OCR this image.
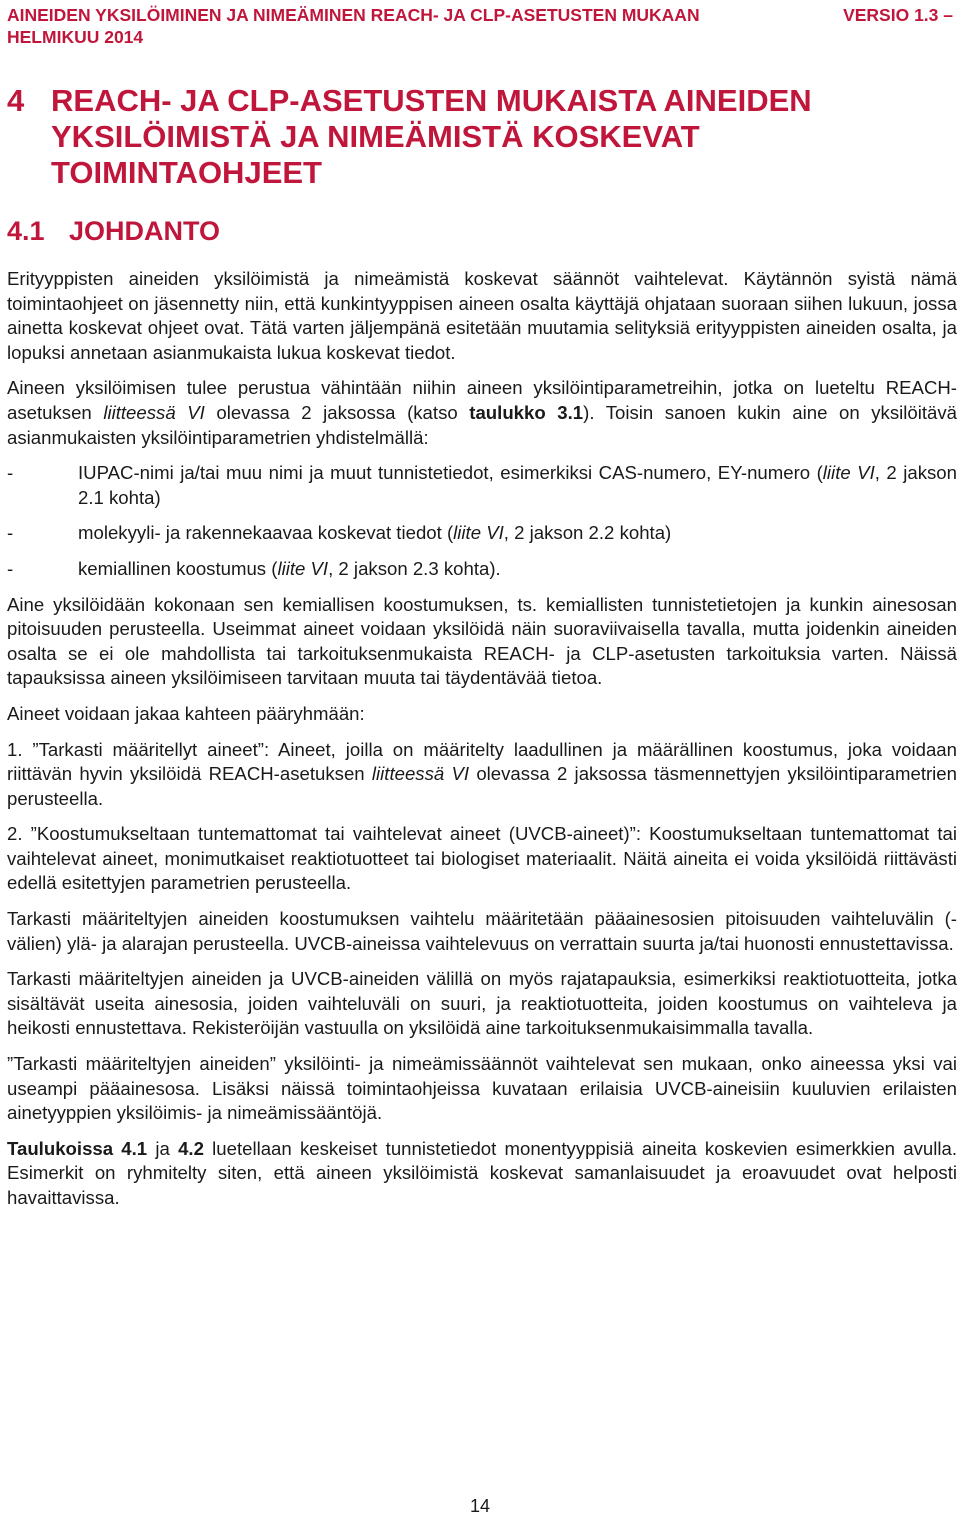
AINEIDEN YKSILÖIMINEN JA NIMEÄMINEN REACH- JA CLP-ASETUSTEN MUKAAN	VERSIO 1.3 –
HELMIKUU 2014
4 REACH- JA CLP-ASETUSTEN MUKAISTA AINEIDEN YKSILÖIMISTÄ JA NIMEÄMISTÄ KOSKEVAT TOIMINTAOHJEET
4.1 JOHDANTO

Erityyppisten aineiden yksilöimistä ja nimeämistä koskevat säännöt vaihtelevat. Käytännön syistä nämä toimintaohjeet on jäsennetty niin, että kunkintyyppisen aineen osalta käyttäjä ohjataan suoraan siihen lukuun, jossa ainetta koskevat ohjeet ovat. Tätä varten jäljempänä esitetään muutamia selityksiä erityyppisten aineiden osalta, ja lopuksi annetaan asianmukaista lukua koskevat tiedot.

Aineen yksilöimisen tulee perustua vähintään niihin aineen yksilöintiparametreihin, jotka on lueteltu REACH-asetuksen liitteessä VI olevassa 2 jaksossa (katso taulukko 3.1). Toisin sanoen kukin aine on yksilöitävä asianmukaisten yksilöintiparametrien yhdistelmällä:

-	IUPAC-nimi ja/tai muu nimi ja muut tunnistetiedot, esimerkiksi CAS-numero, EY-numero (liite VI, 2 jakson 2.1 kohta)
-	molekyyli- ja rakennekaavaa koskevat tiedot (liite VI, 2 jakson 2.2 kohta)
-	kemiallinen koostumus (liite VI, 2 jakson 2.3 kohta).

Aine yksilöidään kokonaan sen kemiallisen koostumuksen, ts. kemiallisten tunnistetietojen ja kunkin ainesosan pitoisuuden perusteella. Useimmat aineet voidaan yksilöidä näin suoraviivaisella tavalla, mutta joidenkin aineiden osalta se ei ole mahdollista tai tarkoituksenmukaista REACH- ja CLP-asetusten tarkoituksia varten. Näissä tapauksissa aineen yksilöimiseen tarvitaan muuta tai täydentävää tietoa.

Aineet voidaan jakaa kahteen pääryhmään:

1. ”Tarkasti määritellyt aineet”: Aineet, joilla on määritelty laadullinen ja määrällinen koostumus, joka voidaan riittävän hyvin yksilöidä REACH-asetuksen liitteessä VI olevassa 2 jaksossa täsmennettyjen yksilöintiparametrien perusteella.

2. ”Koostumukseltaan tuntemattomat tai vaihtelevat aineet (UVCB-aineet)”: Koostumukseltaan tuntemattomat tai vaihtelevat aineet, monimutkaiset reaktiotuotteet tai biologiset materiaalit. Näitä aineita ei voida yksilöidä riittävästi edellä esitettyjen parametrien perusteella.

Tarkasti määriteltyjen aineiden koostumuksen vaihtelu määritetään pääainesosien pitoisuuden vaihteluvälin (-välien) ylä- ja alarajan perusteella. UVCB-aineissa vaihtelevuus on verrattain suurta ja/tai huonosti ennustettavissa.

Tarkasti määriteltyjen aineiden ja UVCB-aineiden välillä on myös rajatapauksia, esimerkiksi reaktiotuotteita, jotka sisältävät useita ainesosia, joiden vaihteluväli on suuri, ja reaktiotuotteita, joiden koostumus on vaihteleva ja heikosti ennustettava. Rekisteröijän vastuulla on yksilöidä aine tarkoituksenmukaisimmalla tavalla.

”Tarkasti määriteltyjen aineiden” yksilöinti- ja nimeämissäännöt vaihtelevat sen mukaan, onko aineessa yksi vai useampi pääainesosa. Lisäksi näissä toimintaohjeissa kuvataan erilaisia UVCB-aineisiin kuuluvien erilaisten ainetyyppien yksilöimis- ja nimeämissääntöjä.

Taulukoissa 4.1 ja 4.2 luetellaan keskeiset tunnistetiedot monentyyppisiä aineita koskevien esimerkkien avulla. Esimerkit on ryhmitelty siten, että aineen yksilöimistä koskevat samanlaisuudet ja eroavuudet ovat helposti havaittavissa.

14
